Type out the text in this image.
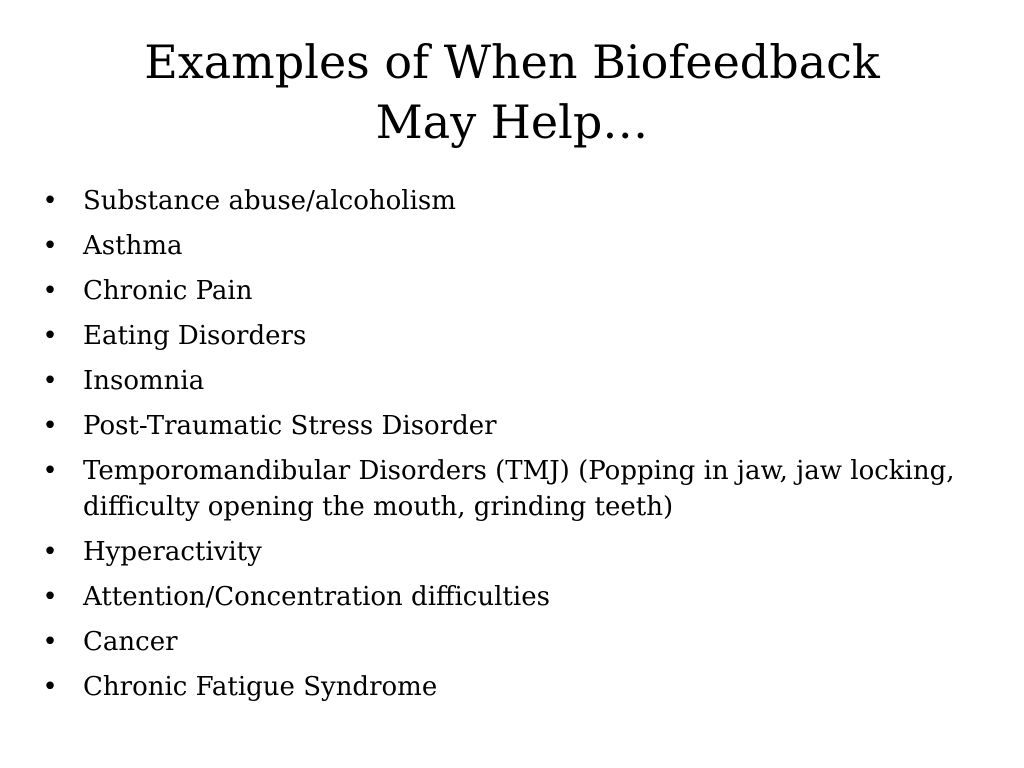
Examples of When Biofeedback
May Help…
• Substance abuse/alcoholism
• Asthma
• Chronic Pain
• Eating Disorders
• Insomnia
• Post-Traumatic Stress Disorder
• Temporomandibular Disorders (TMJ) (Popping in jaw, jaw locking, difficulty opening the mouth, grinding teeth)
• Hyperactivity
• Attention/Concentration difficulties
• Cancer
• Chronic Fatigue Syndrome
